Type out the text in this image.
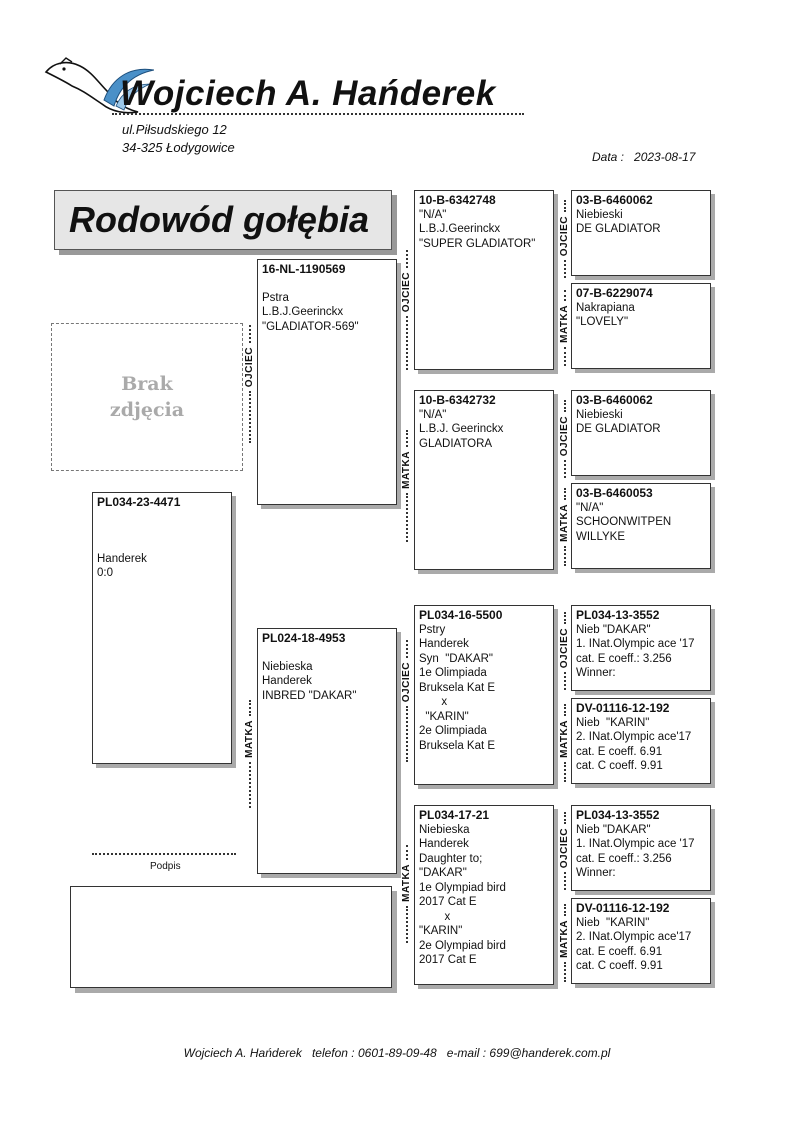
Wojciech A. Hańderek
ul.Piłsudskiego 12
34-325 Łodygowice
Data : 2023-08-17
Rodowód gołębia
Brak
zdjęcia
PL034-23-4471
Handerek
0:0
16-NL-1190569
Pstra
L.B.J.Geerinckx
"GLADIATOR-569"
OJCIEC
PL024-18-4953
Niebieska
Handerek
INBRED "DAKAR"
MATKA
10-B-6342748
"N/A"
L.B.J.Geerinckx
"SUPER GLADIATOR"
OJCIEC
10-B-6342732
"N/A"
L.B.J. Geerinckx
GLADIATORA
MATKA
PL034-16-5500
Pstry
Handerek
Syn  "DAKAR"
1e Olimpiada
Bruksela Kat E
x
"KARIN"
2e Olimpiada
Bruksela Kat E
OJCIEC
PL034-17-21
Niebieska
Handerek
Daughter to;
"DAKAR"
1e Olympiad bird
2017 Cat E
x
"KARIN"
2e Olympiad bird
2017 Cat E
MATKA
03-B-6460062
Niebieski
DE GLADIATOR
OJCIEC
07-B-6229074
Nakrapiana
"LOVELY"
MATKA
03-B-6460062
Niebieski
DE GLADIATOR
OJCIEC
03-B-6460053
"N/A"
SCHOONWITPEN
WILLYKE
MATKA
PL034-13-3552
Nieb "DAKAR"
1. INat.Olympic ace '17
cat. E coeff.: 3.256
Winner:
OJCIEC
DV-01116-12-192
Nieb  "KARIN"
2. INat.Olympic ace'17
cat. E coeff. 6.91
cat. C coeff. 9.91
MATKA
PL034-13-3552
Nieb "DAKAR"
1. INat.Olympic ace '17
cat. E coeff.: 3.256
Winner:
OJCIEC
DV-01116-12-192
Nieb  "KARIN"
2. INat.Olympic ace'17
cat. E coeff. 6.91
cat. C coeff. 9.91
MATKA
Podpis
Wojciech A. Hańderek telefon : 0601-89-09-48 e-mail : 699@handerek.com.pl
